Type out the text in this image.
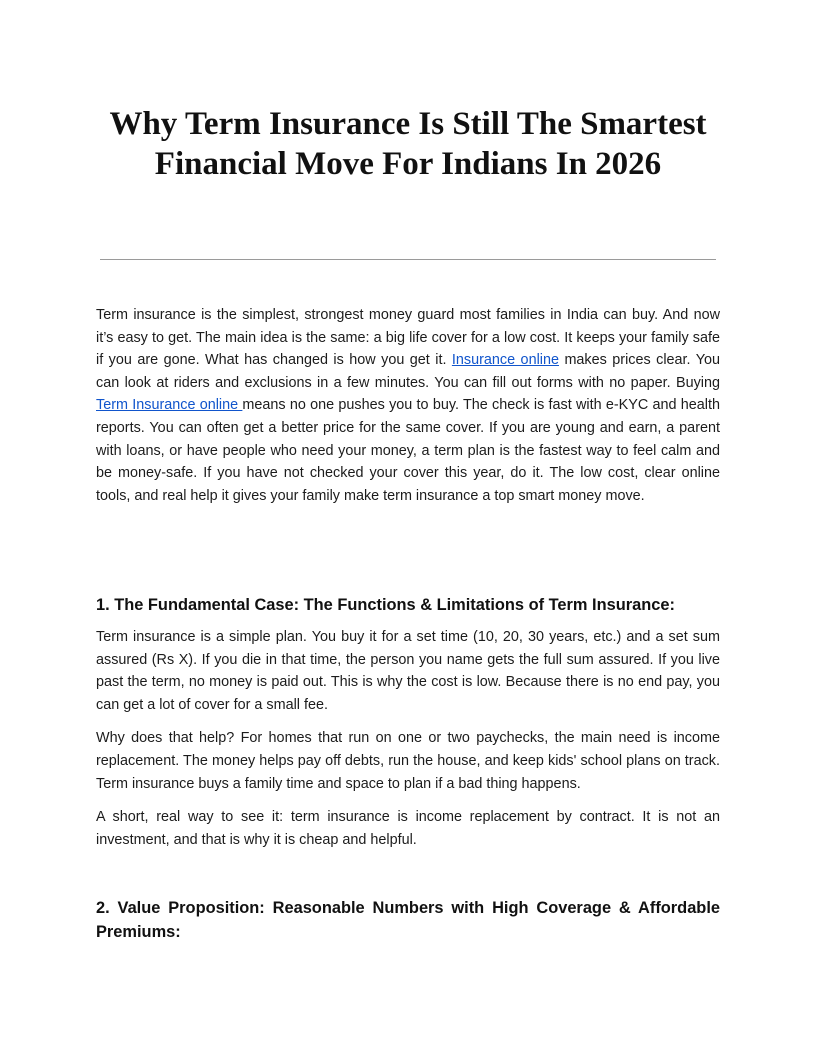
Why Term Insurance Is Still The Smartest Financial Move For Indians In 2026

Term insurance is the simplest, strongest money guard most families in India can buy. And now it’s easy to get. The main idea is the same: a big life cover for a low cost. It keeps your family safe if you are gone. What has changed is how you get it. Insurance online makes prices clear. You can look at riders and exclusions in a few minutes. You can fill out forms with no paper. Buying Term Insurance online means no one pushes you to buy. The check is fast with e-KYC and health reports. You can often get a better price for the same cover. If you are young and earn, a parent with loans, or have people who need your money, a term plan is the fastest way to feel calm and be money-safe. If you have not checked your cover this year, do it. The low cost, clear online tools, and real help it gives your family make term insurance a top smart money move.

1. The Fundamental Case: The Functions & Limitations of Term Insurance:

Term insurance is a simple plan. You buy it for a set time (10, 20, 30 years, etc.) and a set sum assured (Rs X). If you die in that time, the person you name gets the full sum assured. If you live past the term, no money is paid out. This is why the cost is low. Because there is no end pay, you can get a lot of cover for a small fee.

Why does that help? For homes that run on one or two paychecks, the main need is income replacement. The money helps pay off debts, run the house, and keep kids' school plans on track. Term insurance buys a family time and space to plan if a bad thing happens.

A short, real way to see it: term insurance is income replacement by contract. It is not an investment, and that is why it is cheap and helpful.

2. Value Proposition: Reasonable Numbers with High Coverage & Affordable Premiums:
